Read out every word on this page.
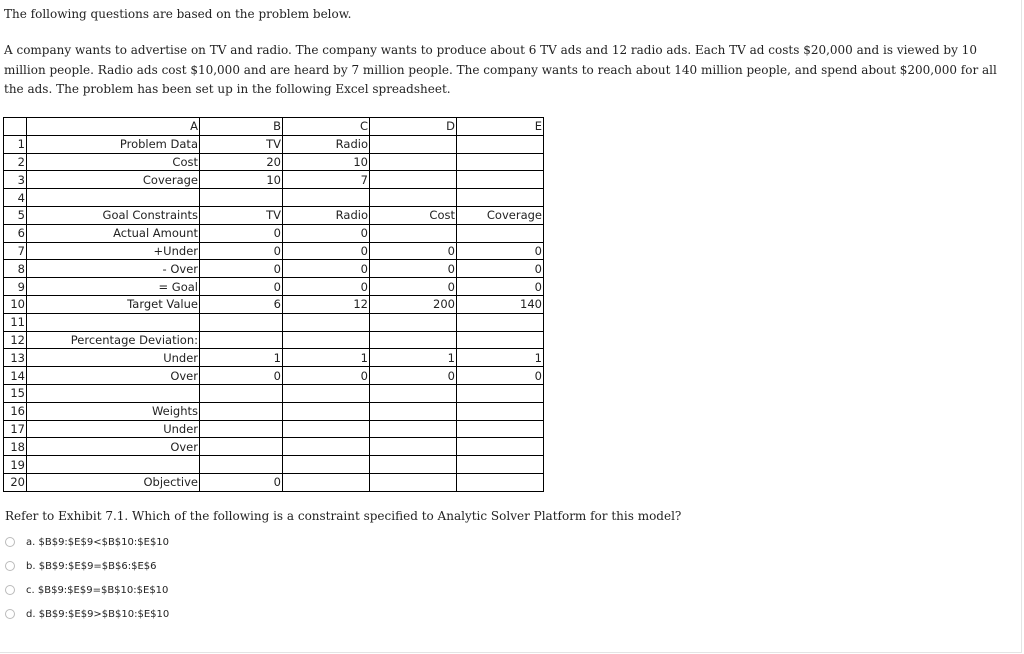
The following questions are based on the problem below.
A company wants to advertise on TV and radio. The company wants to produce about 6 TV ads and 12 radio ads. Each TV ad costs $20,000 and is viewed by 10 million people. Radio ads cost $10,000 and are heard by 7 million people. The company wants to reach about 140 million people, and spend about $200,000 for all the ads. The problem has been set up in the following Excel spreadsheet.
	A	B	C	D	E
1	Problem Data	TV	Radio		
2	Cost	20	10		
3	Coverage	10	7		
4					
5	Goal Constraints	TV	Radio	Cost	Coverage
6	Actual Amount	0	0		
7	+Under	0	0	0	0
8	- Over	0	0	0	0
9	= Goal	0	0	0	0
10	Target Value	6	12	200	140
11					
12	Percentage Deviation:				
13	Under	1	1	1	1
14	Over	0	0	0	0
15					
16	Weights				
17	Under				
18	Over				
19					
20	Objective	0			
Refer to Exhibit 7.1. Which of the following is a constraint specified to Analytic Solver Platform for this model?
a. $B$9:$E$9<$B$10:$E$10
b. $B$9:$E$9=$B$6:$E$6
c. $B$9:$E$9=$B$10:$E$10
d. $B$9:$E$9>$B$10:$E$10
